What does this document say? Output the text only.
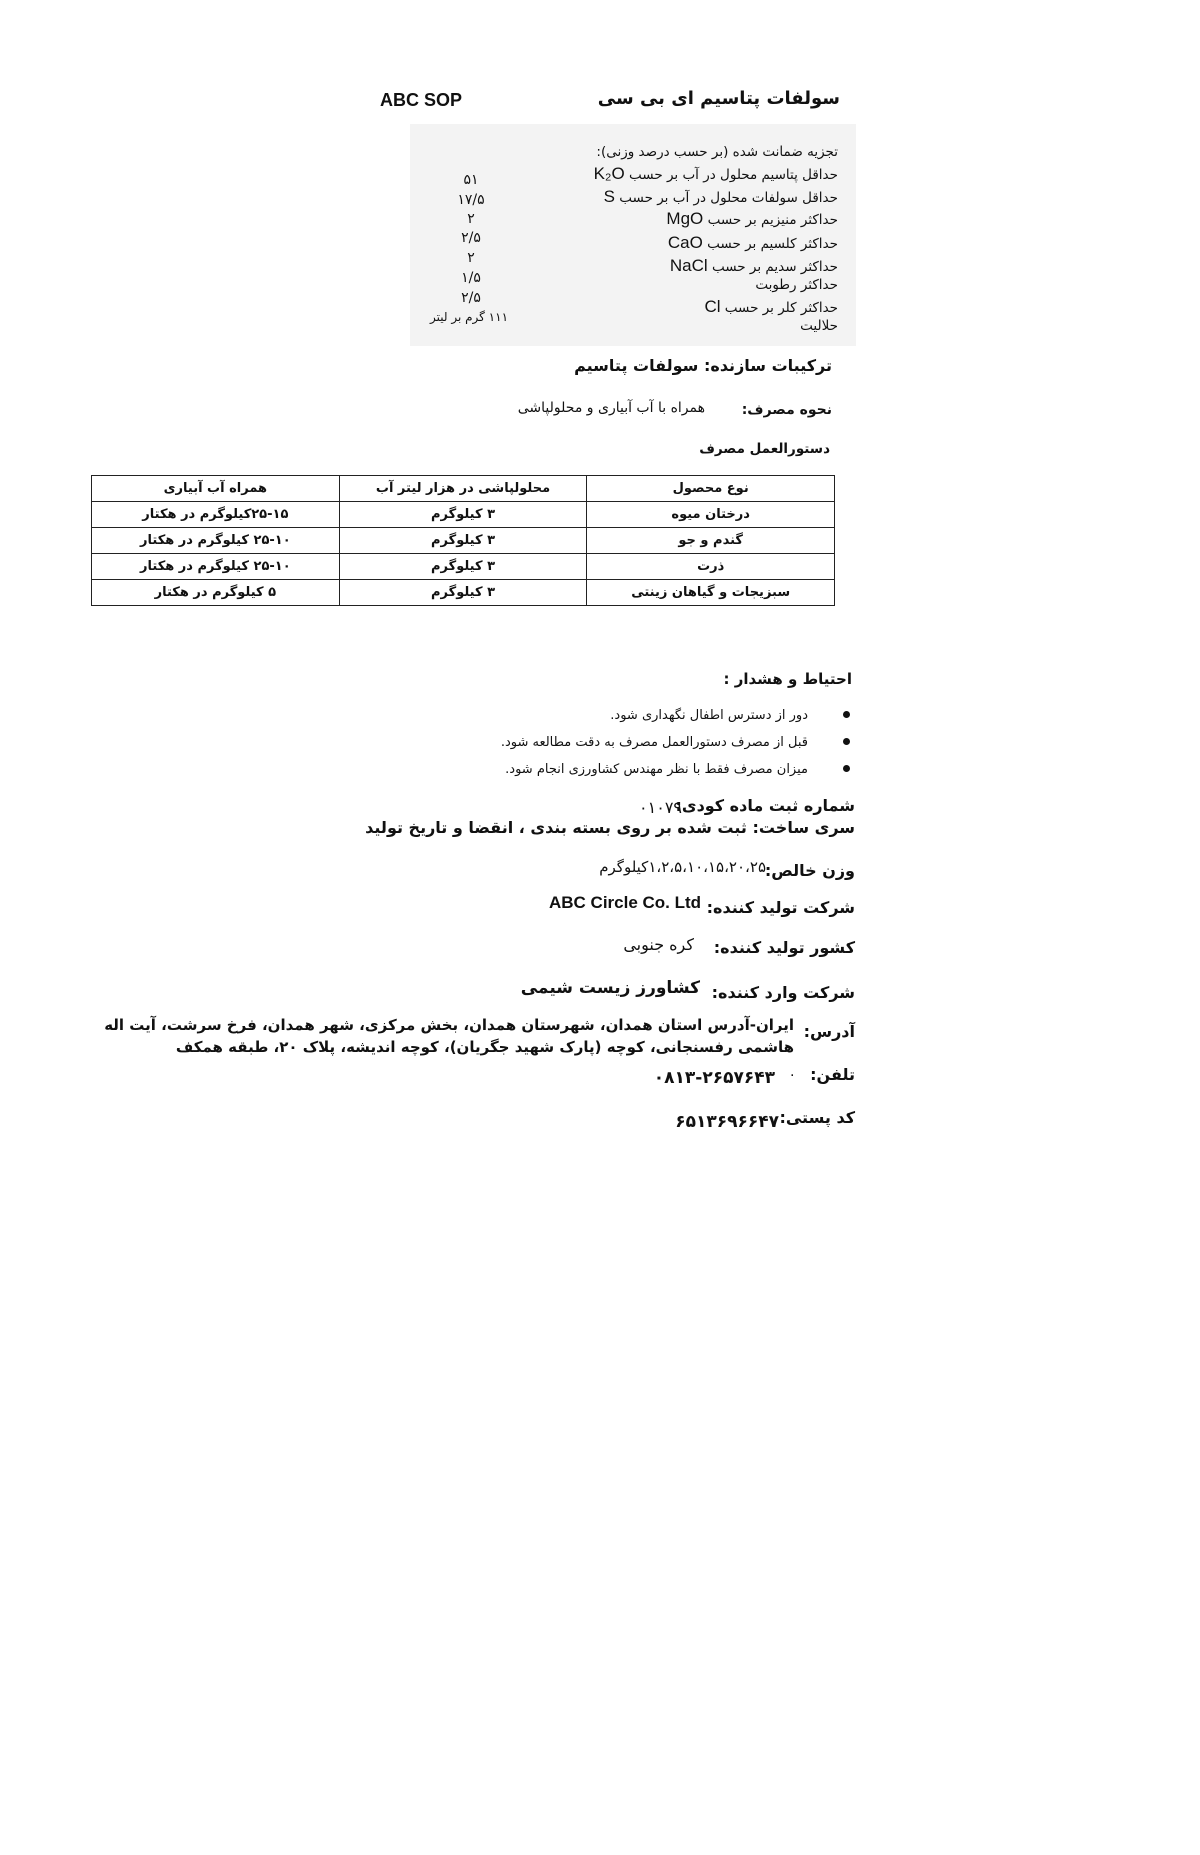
سولفات پتاسیم ای بی سی
ABC SOP
تجزیه ضمانت شده (بر حسب درصد وزنی):
حداقل پتاسیم محلول در آب بر حسب K₂O
۵۱
حداقل سولفات محلول در آب بر حسب S
۱۷/۵
حداکثر منیزیم بر حسب MgO
۲
حداکثر کلسیم بر حسب CaO
۲/۵
حداکثر سدیم بر حسب NaCl
۲
حداکثر رطوبت
۱/۵
حداکثر کلر بر حسب Cl
۲/۵
حلالیت
۱۱۱ گرم بر لیتر
ترکیبات سازنده: سولفات پتاسیم
نحوه مصرف:
همراه با آب آبیاری و محلولپاشی
دستورالعمل مصرف
نوع محصول	محلولپاشی در هزار لیتر آب	همراه آب آبیاری
درختان میوه	۳ کیلوگرم	۲۵-۱۵کیلوگرم در هکتار
گندم و جو	۳ کیلوگرم	۲۵-۱۰ کیلوگرم در هکتار
ذرت	۳ کیلوگرم	۲۵-۱۰ کیلوگرم در هکتار
سبزیجات و گیاهان زینتی	۳ کیلوگرم	۵ کیلوگرم در هکتار
احتیاط و هشدار :
دور از دسترس اطفال نگهداری شود.
قبل از مصرف دستورالعمل مصرف به دقت مطالعه شود.
میزان مصرف فقط با نظر مهندس کشاورزی انجام شود.
شماره ثبت ماده کودی:
۰۱۰۷۹
سری ساخت: ثبت شده بر روی بسته بندی ، انقضا و تاریخ تولید
وزن خالص:
۱،۲،۵،۱۰،۱۵،۲۰،۲۵کیلوگرم
شرکت تولید کننده:
ABC Circle Co. Ltd
کشور تولید کننده:
کره جنوبی
شرکت وارد کننده:
کشاورز زیست شیمی
آدرس:
ایران-آدرس استان همدان، شهرستان همدان، بخش مرکزی، شهر همدان، فرخ سرشت، آیت اله هاشمی رفسنجانی، کوچه (پارک شهید جگریان)، کوچه اندیشه، پلاک ۲۰، طبقه همکف
تلفن:
۰
۰۸۱۳-۲۶۵۷۶۴۳
کد پستی:
۶۵۱۳۶۹۶۶۴۷
